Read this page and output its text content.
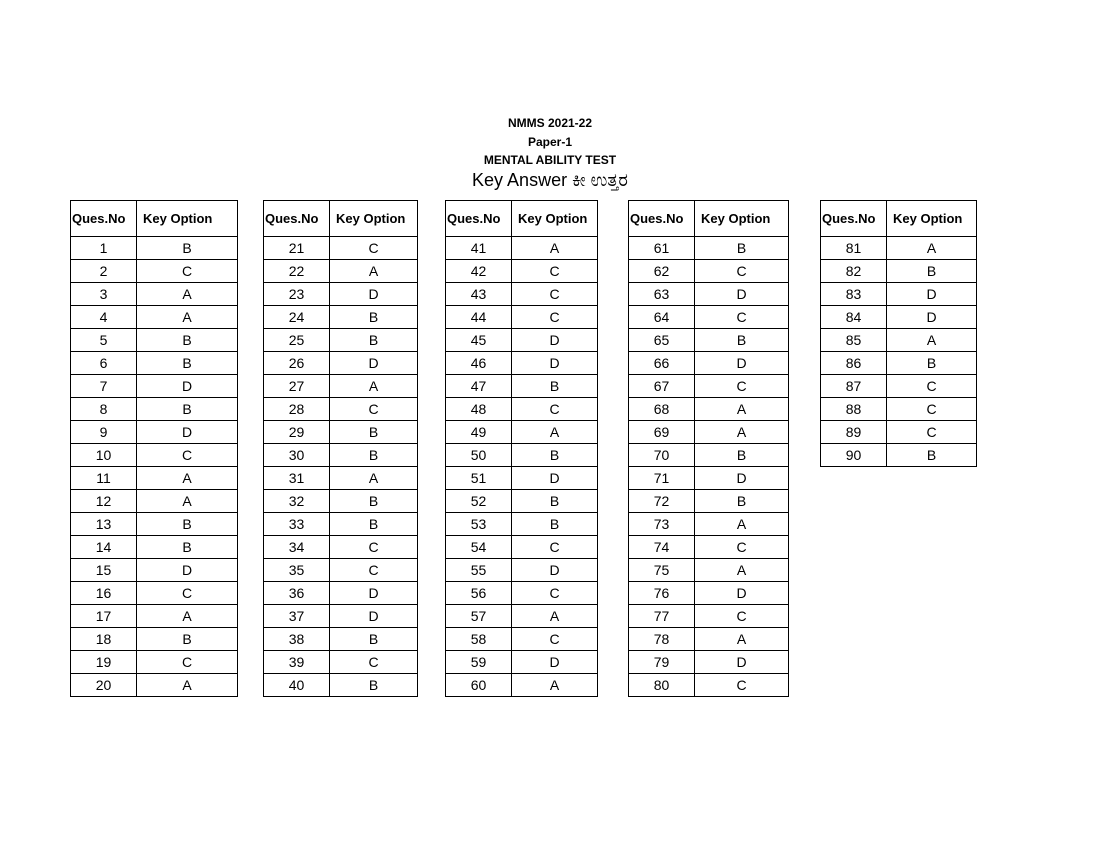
NMMS 2021-22
Paper-1
MENTAL ABILITY TEST
Key Answer ಕೀ ಉತ್ತರ
Ques.No	Key Option
1	B
2	C
3	A
4	A
5	B
6	B
7	D
8	B
9	D
10	C
11	A
12	A
13	B
14	B
15	D
16	C
17	A
18	B
19	C
20	A
Ques.No	Key Option
21	C
22	A
23	D
24	B
25	B
26	D
27	A
28	C
29	B
30	B
31	A
32	B
33	B
34	C
35	C
36	D
37	D
38	B
39	C
40	B
Ques.No	Key Option
41	A
42	C
43	C
44	C
45	D
46	D
47	B
48	C
49	A
50	B
51	D
52	B
53	B
54	C
55	D
56	C
57	A
58	C
59	D
60	A
Ques.No	Key Option
61	B
62	C
63	D
64	C
65	B
66	D
67	C
68	A
69	A
70	B
71	D
72	B
73	A
74	C
75	A
76	D
77	C
78	A
79	D
80	C
Ques.No	Key Option
81	A
82	B
83	D
84	D
85	A
86	B
87	C
88	C
89	C
90	B
